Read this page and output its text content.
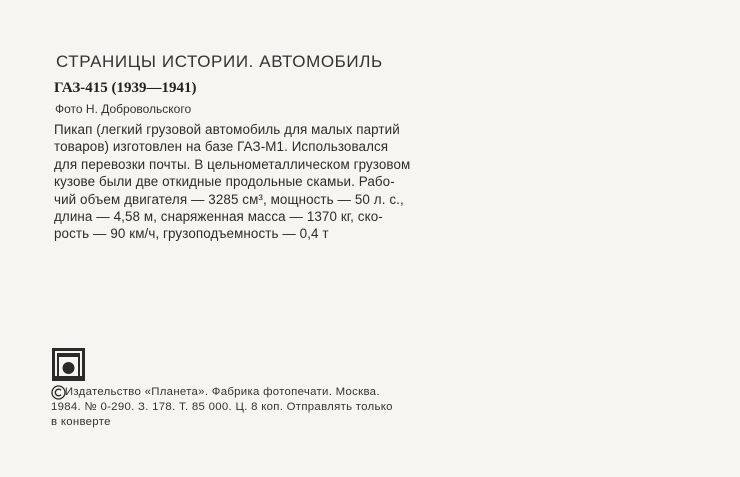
СТРАНИЦЫ ИСТОРИИ. АВТОМОБИЛЬ
ГАЗ-415 (1939—1941)
Фото Н. Добровольского
Пикап (легкий грузовой автомобиль для малых партий
товаров) изготовлен на базе ГАЗ-М1. Использовался
для перевозки почты. В цельнометаллическом грузовом
кузове были две откидные продольные скамьи. Рабо-
чий объем двигателя — 3285 см³, мощность — 50 л. с.,
длина — 4,58 м, снаряженная масса — 1370 кг, ско-
рость — 90 км/ч, грузоподъемность — 0,4 т
Издательство «Планета». Фабрика фотопечати. Москва.
1984. № 0-290. З. 178. Т. 85 000. Ц. 8 коп. Отправлять только
в конверте
